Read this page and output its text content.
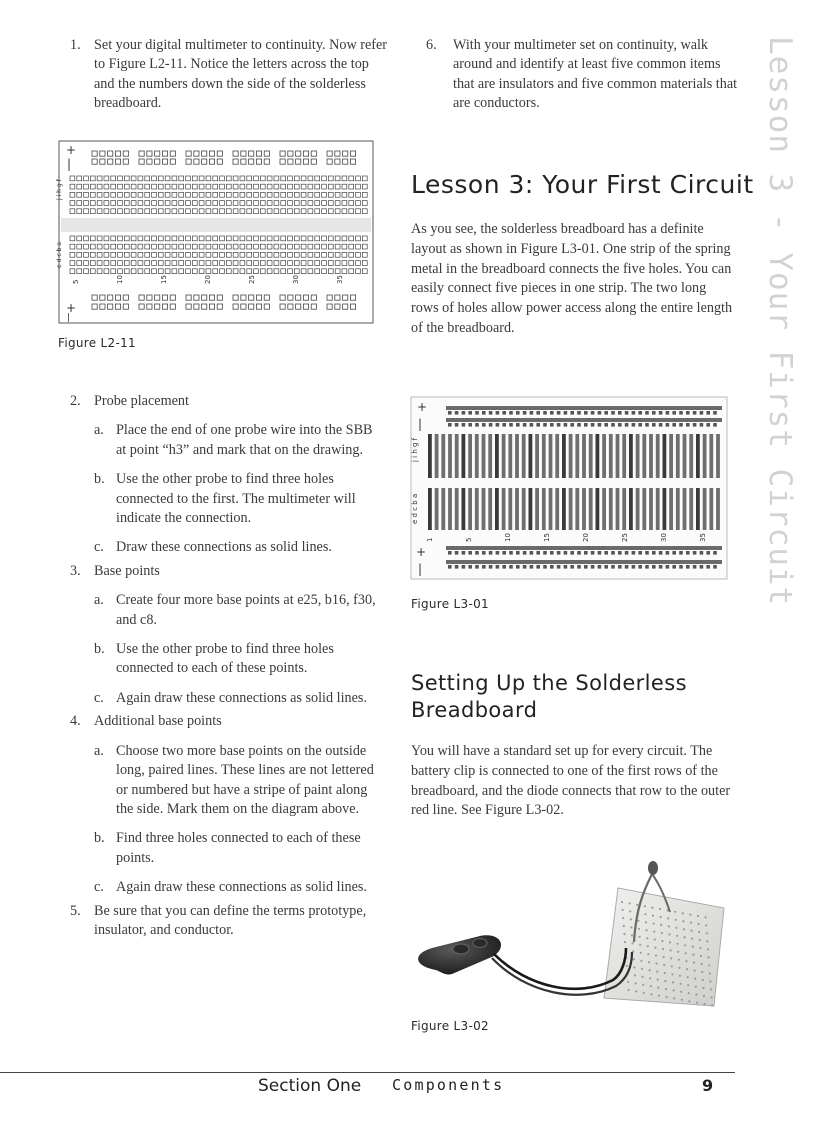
1. Set your digital multimeter to continuity. Now refer to Figure L2-11. Notice the letters across the top and the numbers down the side of the solderless breadboard.
+
|
+
|
j i h g f
e d c b a
5	10	15	20	25	30	35
Figure L2-11
2. Probe placement
a. Place the end of one probe wire into the SBB at point “h3” and mark that on the drawing.
b. Use the other probe to find three holes connected to the first. The multimeter will indicate the connection.
c. Draw these connections as solid lines.
3. Base points
a. Create four more base points at e25, b16, f30, and c8.
b. Use the other probe to find three holes connected to each of these points.
c. Again draw these connections as solid lines.
4. Additional base points
a. Choose two more base points on the outside long, paired lines. These lines are not lettered or numbered but have a stripe of paint along the side. Mark them on the diagram above.
b. Find three holes connected to each of these points.
c. Again draw these connections as solid lines.
5. Be sure that you can define the terms prototype, insulator, and conductor.
6. With your multimeter set on continuity, walk around and identify at least five common items that are insulators and five common materials that are conductors.
Lesson 3: Your First Circuit
As you see, the solderless breadboard has a definite layout as shown in Figure L3-01. One strip of the spring metal in the breadboard connects the five holes. You can easily connect five pieces in one strip. The two long rows of holes allow power access along the entire length of the breadboard.
+
|
+
|
j i h g f
e d c b a
1	5	10	15	20	25	30	35
Figure L3-01
Setting Up the Solderless Breadboard
You will have a standard set up for every circuit. The battery clip is connected to one of the first rows of the breadboard, and the diode connects that row to the outer red line. See Figure L3-02.
Figure L3-02
Lesson 3 - Your First Circuit
Section One Components	9
